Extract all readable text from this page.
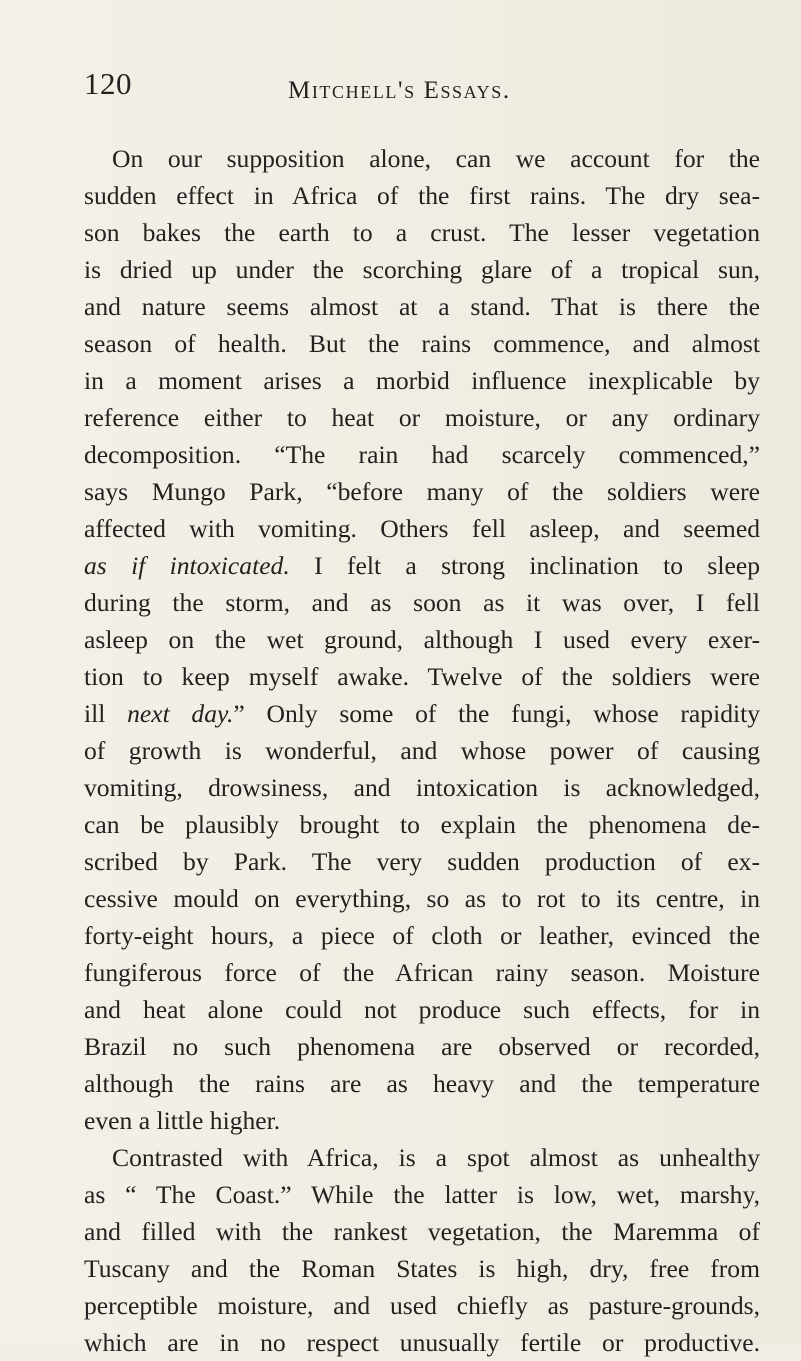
120	Mitchell's Essays.
On our supposition alone, can we account for the
sudden effect in Africa of the first rains. The dry sea-
son bakes the earth to a crust. The lesser vegetation
is dried up under the scorching glare of a tropical sun,
and nature seems almost at a stand. That is there the
season of health. But the rains commence, and almost
in a moment arises a morbid influence inexplicable by
reference either to heat or moisture, or any ordinary
decomposition. “The rain had scarcely commenced,”
says Mungo Park, “before many of the soldiers were
affected with vomiting. Others fell asleep, and seemed
as if intoxicated. I felt a strong inclination to sleep
during the storm, and as soon as it was over, I fell
asleep on the wet ground, although I used every exer-
tion to keep myself awake. Twelve of the soldiers were
ill next day.” Only some of the fungi, whose rapidity
of growth is wonderful, and whose power of causing
vomiting, drowsiness, and intoxication is acknowledged,
can be plausibly brought to explain the phenomena de-
scribed by Park. The very sudden production of ex-
cessive mould on everything, so as to rot to its centre, in
forty-eight hours, a piece of cloth or leather, evinced the
fungiferous force of the African rainy season. Moisture
and heat alone could not produce such effects, for in
Brazil no such phenomena are observed or recorded,
although the rains are as heavy and the temperature
even a little higher.
Contrasted with Africa, is a spot almost as unhealthy
as “ The Coast.” While the latter is low, wet, marshy,
and filled with the rankest vegetation, the Maremma of
Tuscany and the Roman States is high, dry, free from
perceptible moisture, and used chiefly as pasture-grounds,
which are in no respect unusually fertile or productive.
